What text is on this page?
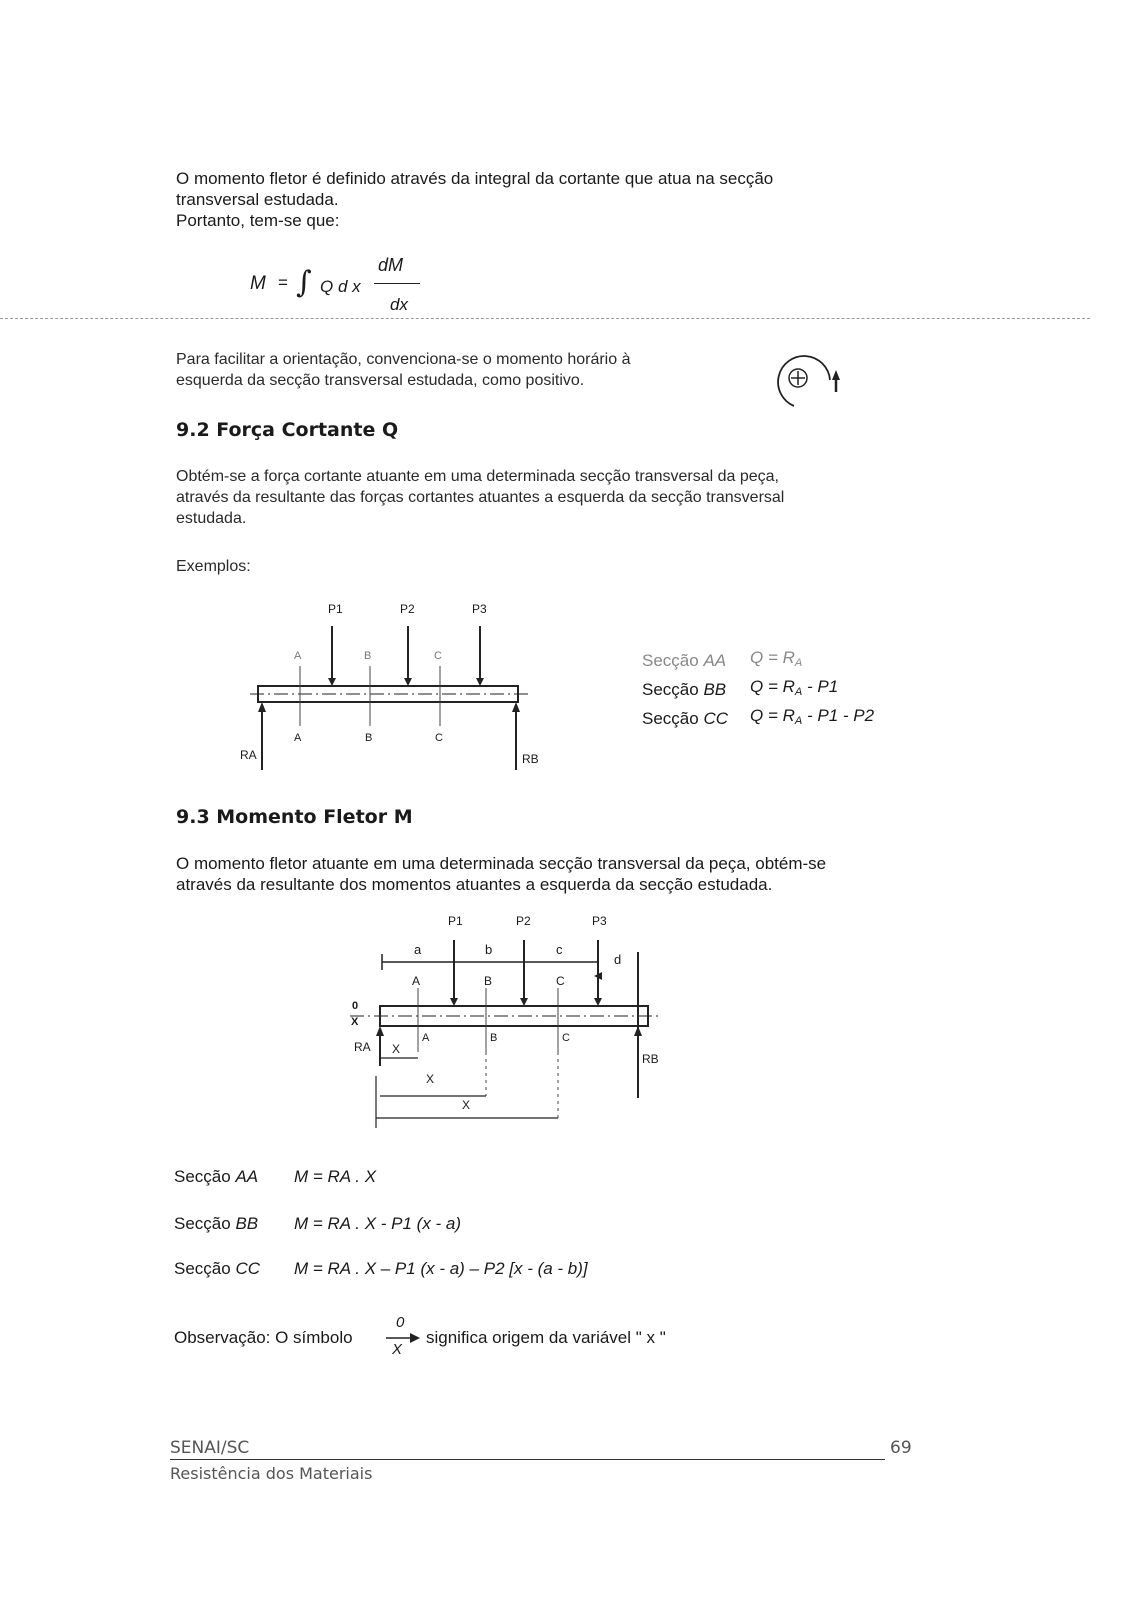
O momento fletor é definido através da integral da cortante que atua na secção

transversal estudada.

Portanto, tem-se que:

M = ∫ Q d x
dM
dx

Para facilitar a orientação, convenciona-se o momento horário à

esquerda da secção transversal estudada, como positivo.

9.2 Força Cortante Q

Obtém-se a força cortante atuante em uma determinada secção transversal da peça,

através da resultante das forças cortantes atuantes a esquerda da secção transversal

estudada.

Exemplos:
P1	P2	P3
A	B	C
A	B	C
RA	RB
Secção AA	$Q = R_A$
Secção BB	$Q = R_A - P1$
Secção CC	$Q = R_A - P1 - P2$
9.3 Momento Fletor M

O momento fletor atuante em uma determinada secção transversal da peça, obtém-se

através da resultante dos momentos atuantes a esquerda da secção estudada.

P1	P2	P3
a	b	c
d
A	B	C
0
X
RA
RB
A	B	C
X
X
X
Secção AA M = RA . X
Secção BB M = RA . X - P1 (x - a)
Secção CC M = RA . X – P1 (x - a) – P2 [x - (a - b)]
Observação: O símbolo
0
X
significa origem da variável " x "
SENAI/SC	69
Resistência dos Materiais
